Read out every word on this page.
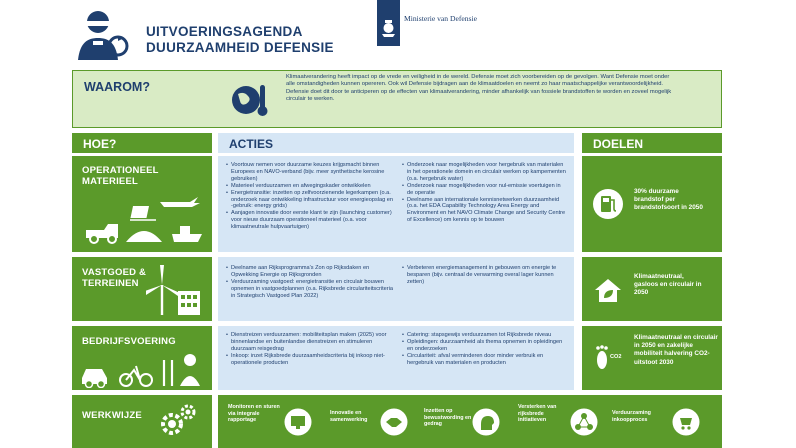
UITVOERINGSAGENDA
DUURZAAMHEID DEFENSIE
Ministerie van Defensie
WAAROM?
Klimaatverandering heeft impact op de vrede en veiligheid in de wereld. Defensie moet zich voorbereiden op de gevolgen. Want Defensie moet onder alle omstandigheden kunnen opereren. Ook wil Defensie bijdragen aan de klimaatdoelen en neemt zo haar maatschappelijke verantwoordelijkheid. Defensie doet dit door te anticiperen op de effecten van klimaatverandering, minder afhankelijk van fossiele brandstoffen te worden en zoveel mogelijk circulair te werken.
HOE?	ACTIES	DOELEN
OPERATIONEEL
MATERIEEL
• Voortouw nemen voor duurzame keuzes krijgsmacht binnen Europees en NAVO-verband (bijv. meer synthetische kerosine gebruiken)
• Materieel verduurzamen en afwegingskader ontwikkelen
• Energietransitie: inzetten op zelfvoorzienende legerkampen (o.a. onderzoek naar ontwikkeling infrastructuur voor energieopslag en -gebruik: energy grids)
• Aanjagen innovatie door eerste klant te zijn (launching customer) voor nieuw duurzaam operationeel materieel (o.a. voor klimaatneutrale hulpvaartuigen)
• Onderzoek naar mogelijkheden voor hergebruik van materialen in het operationele domein en circulair werken op kampementen (o.a. hergebruik water)
• Onderzoek naar mogelijkheden voor nul-emissie voertuigen in de operatie
• Deelname aan internationale kennisnetwerken duurzaamheid (o.a. het EDA Capability Technology Area Energy and Environment en het NAVO Climate Change and Security Centre of Excellence) om kennis op te bouwen
30% duurzame brandstof per brandstofsoort in 2050
VASTGOED &
TERREINEN
• Deelname aan Rijksprogramma's Zon op Rijksdaken en Opwekking Energie op Rijksgronden
• Verduurzaming vastgoed: energietransitie en circulair bouwen opnemen in vastgoedplannen (o.a. Rijksbrede circulariteitscriteria in Strategisch Vastgoed Plan 2022)
• Verbeteren energiemanagement in gebouwen om energie te besparen (bijv. centraal de verwarming overal lager kunnen zetten)
Klimaatneutraal, gasloos en circulair in 2050
BEDRIJFSVOERING
• Dienstreizen verduurzamen: mobiliteitsplan maken (2025) voor binnenlandse en buitenlandse dienstreizen en stimuleren duurzaam reisgedrag
• Inkoop: inzet Rijksbrede duurzaamheidscriteria bij inkoop niet-operationele producten
• Catering: stapsgewijs verduurzamen tot Rijksbrede niveau
• Opleidingen: duurzaamheid als thema opnemen in opleidingen en onderzoeken
• Circulariteit: afval verminderen door minder verbruik en hergebruik van materialen en producten
CO2
Klimaatneutraal en circulair in 2050 en zakelijke mobiliteit halvering CO2-uitstoot 2030
WERKWIJZE
Monitoren en sturen via integrale rapportage
Innovatie en samenwerking
Inzetten op bewustwording en gedrag
Versterken van rijksbrede initiatieven
Verduurzaming inkoopproces
